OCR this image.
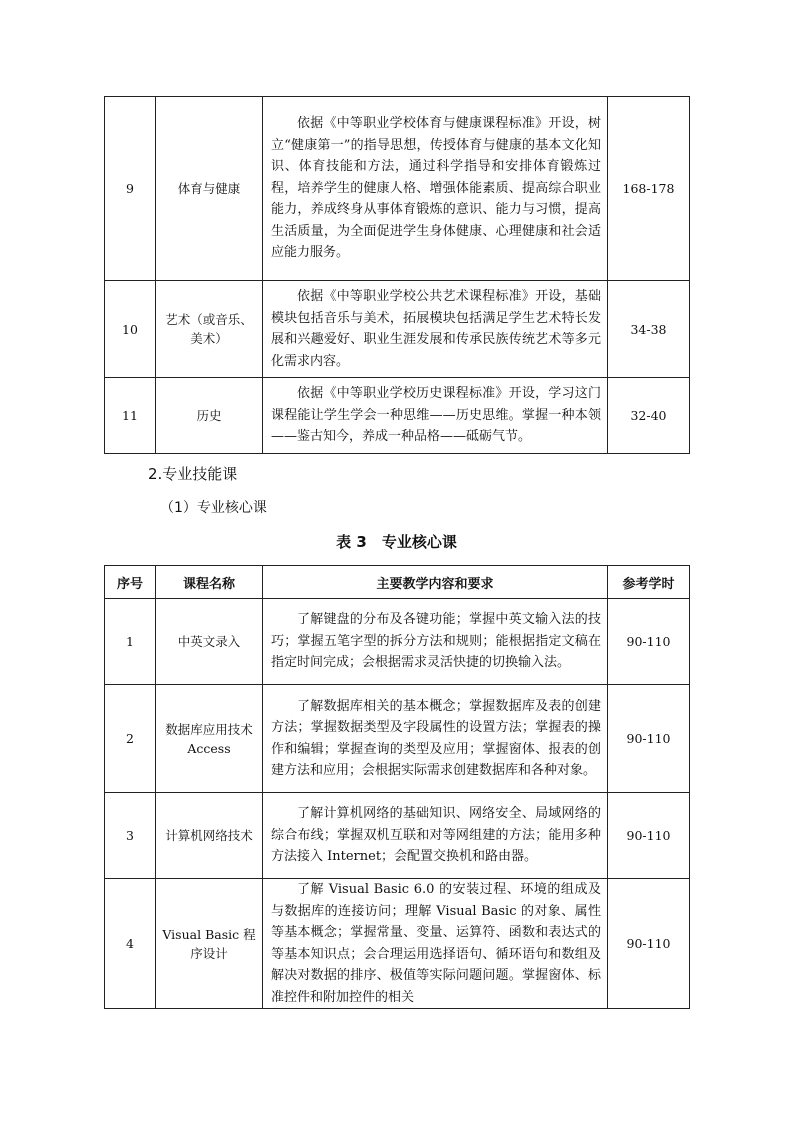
9	体育与健康	依据《中等职业学校体育与健康课程标准》开设，树立“健康第一”的指导思想，传授体育与健康的基本文化知识、体育技能和方法，通过科学指导和安排体育锻炼过程，培养学生的健康人格、增强体能素质、提高综合职业能力，养成终身从事体育锻炼的意识、能力与习惯，提高生活质量，为全面促进学生身体健康、心理健康和社会适应能力服务。	168-178
10	艺术（或音乐、美术）	依据《中等职业学校公共艺术课程标准》开设，基础模块包括音乐与美术，拓展模块包括满足学生艺术特长发展和兴趣爱好、职业生涯发展和传承民族传统艺术等多元化需求内容。	34-38
11	历史	依据《中等职业学校历史课程标准》开设，学习这门课程能让学生学会一种思维——历史思维。掌握一种本领——鉴古知今，养成一种品格——砥砺气节。	32-40

2.专业技能课

（1）专业核心课

表 3　专业核心课

序号	课程名称	主要教学内容和要求	参考学时
1	中英文录入	了解键盘的分布及各键功能；掌握中英文输入法的技巧；掌握五笔字型的拆分方法和规则；能根据指定文稿在指定时间完成；会根据需求灵活快捷的切换输入法。	90-110
2	数据库应用技术Access	了解数据库相关的基本概念；掌握数据库及表的创建方法；掌握数据类型及字段属性的设置方法；掌握表的操作和编辑；掌握查询的类型及应用；掌握窗体、报表的创建方法和应用；会根据实际需求创建数据库和各种对象。	90-110
3	计算机网络技术	了解计算机网络的基础知识、网络安全、局域网络的综合布线；掌握双机互联和对等网组建的方法；能用多种方法接入 Internet；会配置交换机和路由器。	90-110
4	Visual Basic 程序设计	了解 Visual Basic 6.0 的安装过程、环境的组成及与数据库的连接访问；理解 Visual Basic 的对象、属性等基本概念；掌握常量、变量、运算符、函数和表达式的等基本知识点；会合理运用选择语句、循环语句和数组及解决对数据的排序、极值等实际问题问题。掌握窗体、标准控件和附加控件的相关	90-110
